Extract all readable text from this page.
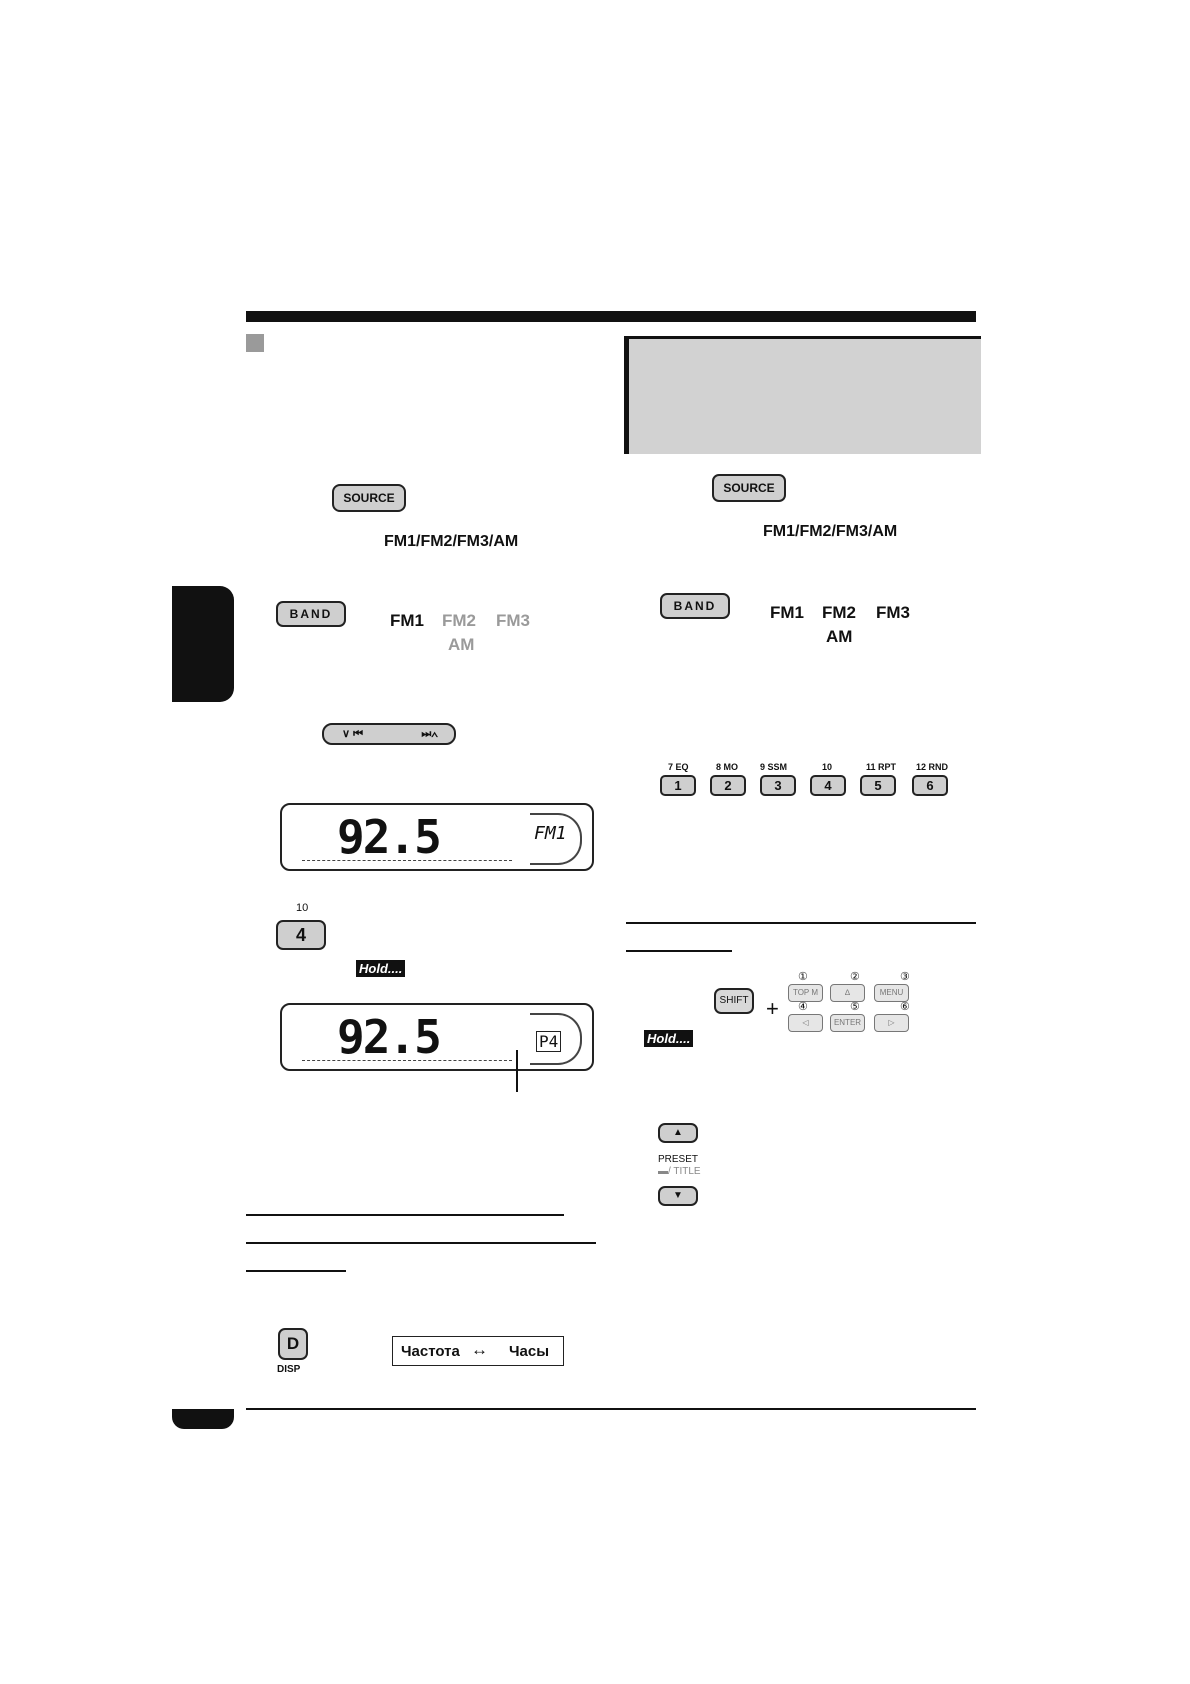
SOURCE
FM1/FM2/FM3/AM
BAND	FM1 FM2 FM3
AM
∨ ⏮	⏭∧
92.5	FM1
10
4
Hold....
92.5	P4
D
DISP
Частота ↔ Часы
SOURCE
FM1/FM2/FM3/AM
BAND	FM1 FM2 FM3
AM
7 EQ	8 MO 9 SSM	10	11 RPT 12 RND
1	2	3	4	5	6
SHIFT
Hold....
+
①	②	③
TOP M	∆	MENU
④	⑤	⑥
◁	ENTER	▷
▲
PRESET
▬/ TITLE
▼
